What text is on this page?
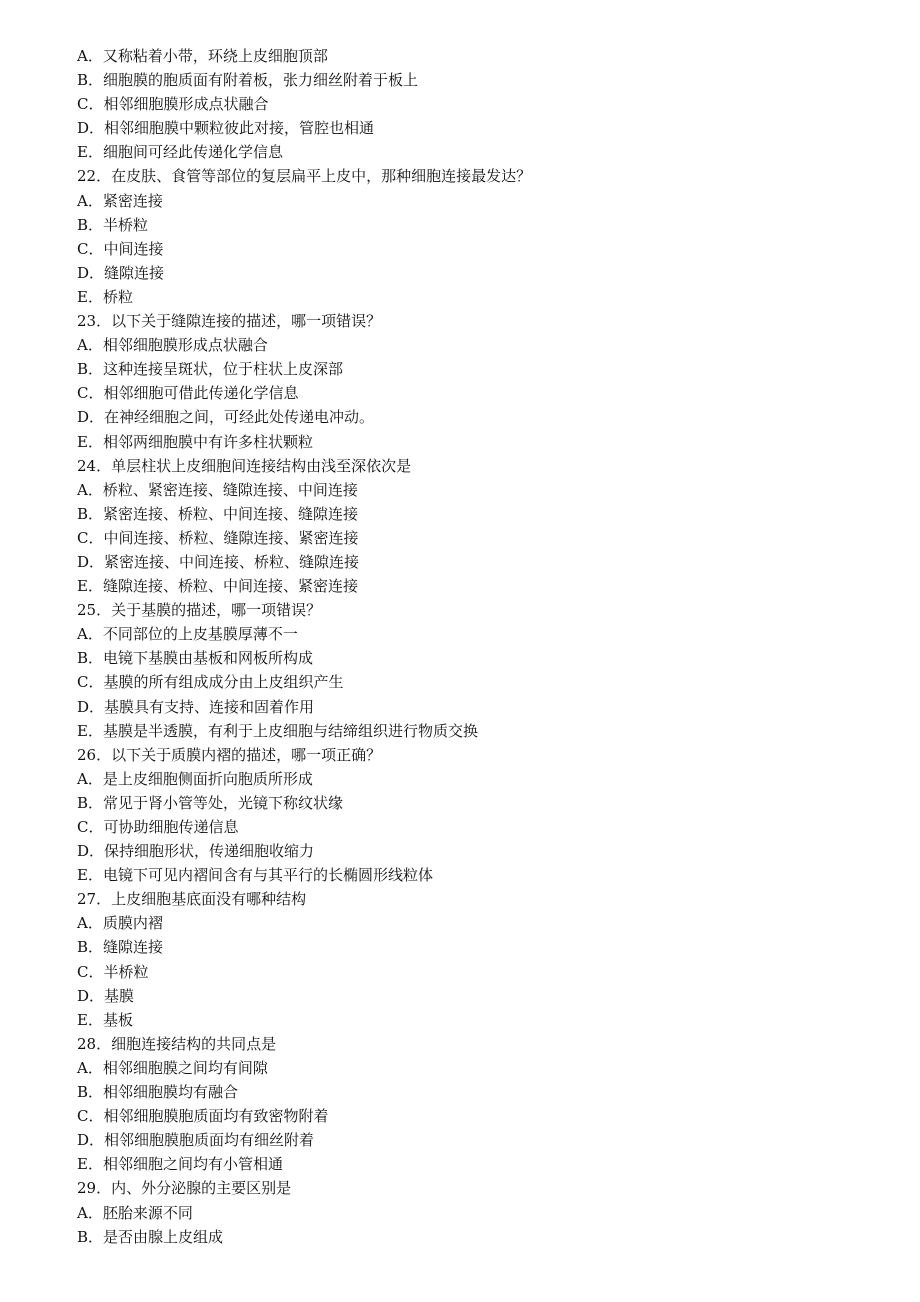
A．又称粘着小带，环绕上皮细胞顶部
B．细胞膜的胞质面有附着板，张力细丝附着于板上
C．相邻细胞膜形成点状融合
D．相邻细胞膜中颗粒彼此对接，管腔也相通
E．细胞间可经此传递化学信息
22．在皮肤、食管等部位的复层扁平上皮中，那种细胞连接最发达？
A．紧密连接
B．半桥粒
C．中间连接
D．缝隙连接
E．桥粒
23．以下关于缝隙连接的描述，哪一项错误？
A．相邻细胞膜形成点状融合
B．这种连接呈斑状，位于柱状上皮深部
C．相邻细胞可借此传递化学信息
D．在神经细胞之间，可经此处传递电冲动。
E．相邻两细胞膜中有许多柱状颗粒
24．单层柱状上皮细胞间连接结构由浅至深依次是
A．桥粒、紧密连接、缝隙连接、中间连接
B．紧密连接、桥粒、中间连接、缝隙连接
C．中间连接、桥粒、缝隙连接、紧密连接
D．紧密连接、中间连接、桥粒、缝隙连接
E．缝隙连接、桥粒、中间连接、紧密连接
25．关于基膜的描述，哪一项错误？
A．不同部位的上皮基膜厚薄不一
B．电镜下基膜由基板和网板所构成
C．基膜的所有组成成分由上皮组织产生
D．基膜具有支持、连接和固着作用
E．基膜是半透膜，有利于上皮细胞与结缔组织进行物质交换
26．以下关于质膜内褶的描述，哪一项正确？
A．是上皮细胞侧面折向胞质所形成
B．常见于肾小管等处，光镜下称纹状缘
C．可协助细胞传递信息
D．保持细胞形状，传递细胞收缩力
E．电镜下可见内褶间含有与其平行的长椭圆形线粒体
27．上皮细胞基底面没有哪种结构
A．质膜内褶
B．缝隙连接
C．半桥粒
D．基膜
E．基板
28．细胞连接结构的共同点是
A．相邻细胞膜之间均有间隙
B．相邻细胞膜均有融合
C．相邻细胞膜胞质面均有致密物附着
D．相邻细胞膜胞质面均有细丝附着
E．相邻细胞之间均有小管相通
29．内、外分泌腺的主要区别是
A．胚胎来源不同
B．是否由腺上皮组成
